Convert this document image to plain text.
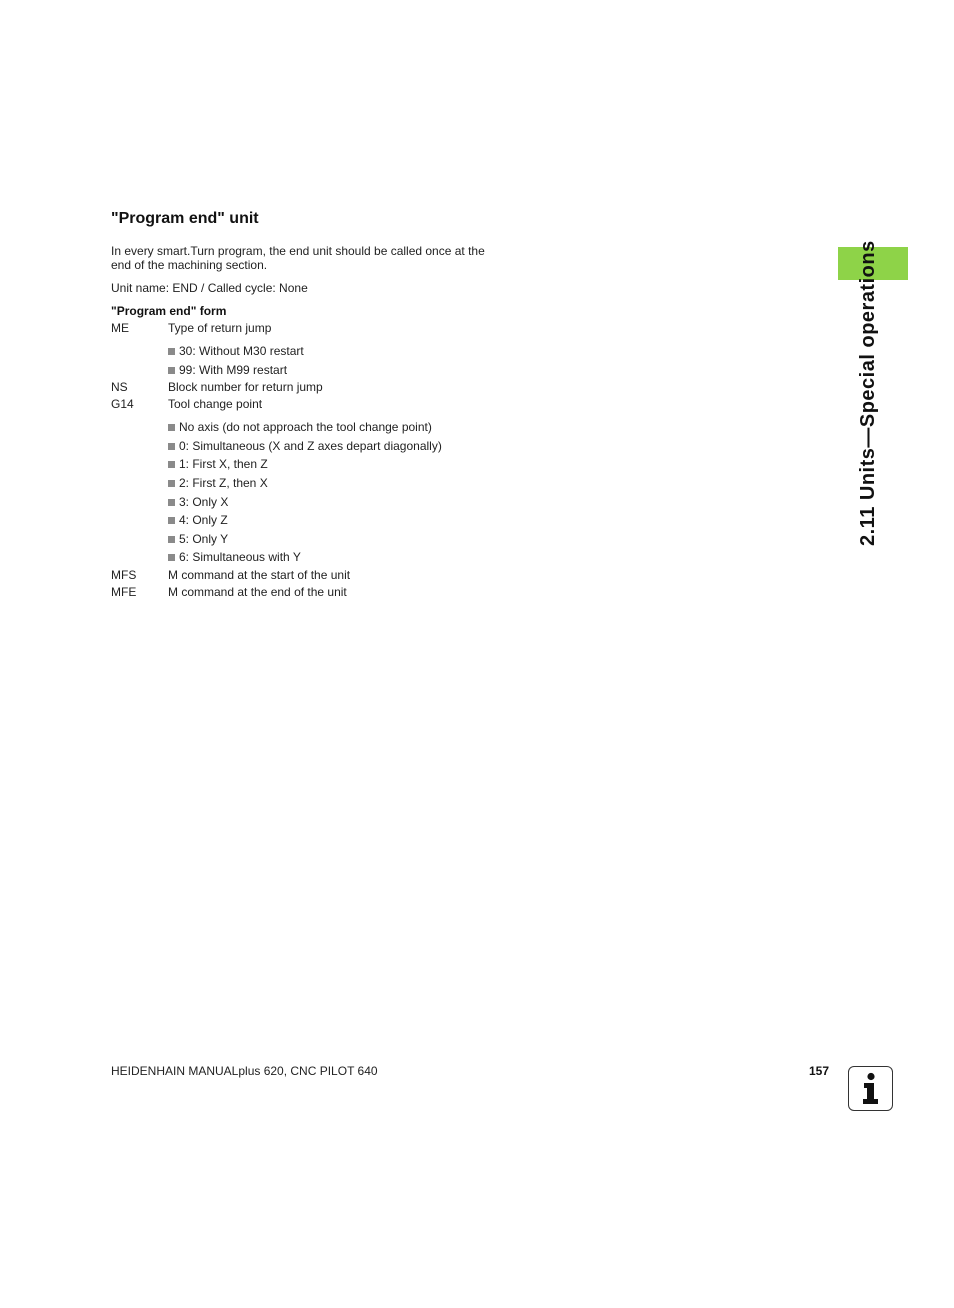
"Program end" unit
In every smart.Turn program, the end unit should be called once at the
end of the machining section.
Unit name: END / Called cycle: None
"Program end" form
ME	Type of return jump
30: Without M30 restart
99: With M99 restart
NS	Block number for return jump
G14	Tool change point
No axis (do not approach the tool change point)
0: Simultaneous (X and Z axes depart diagonally)
1: First X, then Z
2: First Z, then X
3: Only X
4: Only Z
5: Only Y
6: Simultaneous with Y
MFS	M command at the start of the unit
MFE	M command at the end of the unit
2.11 Units—Special operations
HEIDENHAIN MANUALplus 620, CNC PILOT 640	157
